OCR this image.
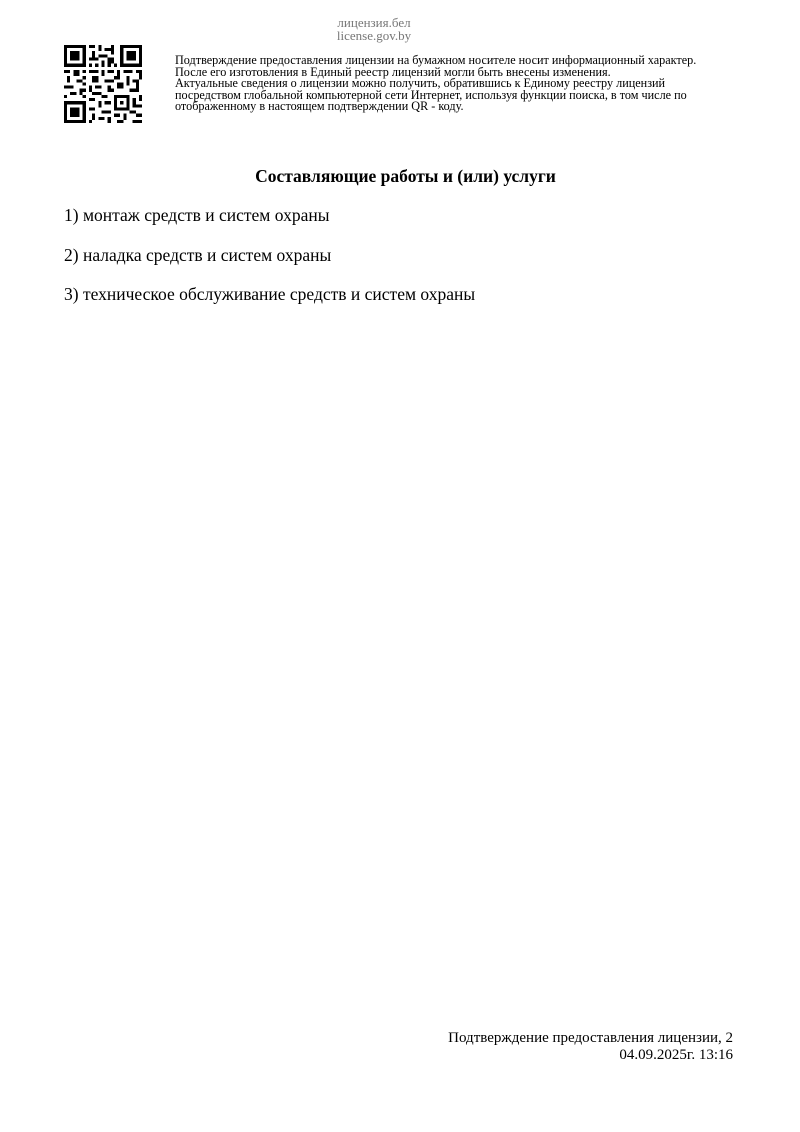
лицензия.бел
license.gov.by
Подтверждение предоставления лицензии на бумажном носителе носит информационный характер.
После его изготовления в Единый реестр лицензий могли быть внесены изменения.
Актуальные сведения о лицензии можно получить, обратившись к Единому реестру лицензий
посредством глобальной компьютерной сети Интернет, используя функции поиска, в том числе по
отображенному в настоящем подтверждении QR - коду.
Составляющие работы и (или) услуги
1) монтаж средств и систем охраны
2) наладка средств и систем охраны
3) техническое обслуживание средств и систем охраны
Подтверждение предоставления лицензии, 2
04.09.2025г. 13:16
